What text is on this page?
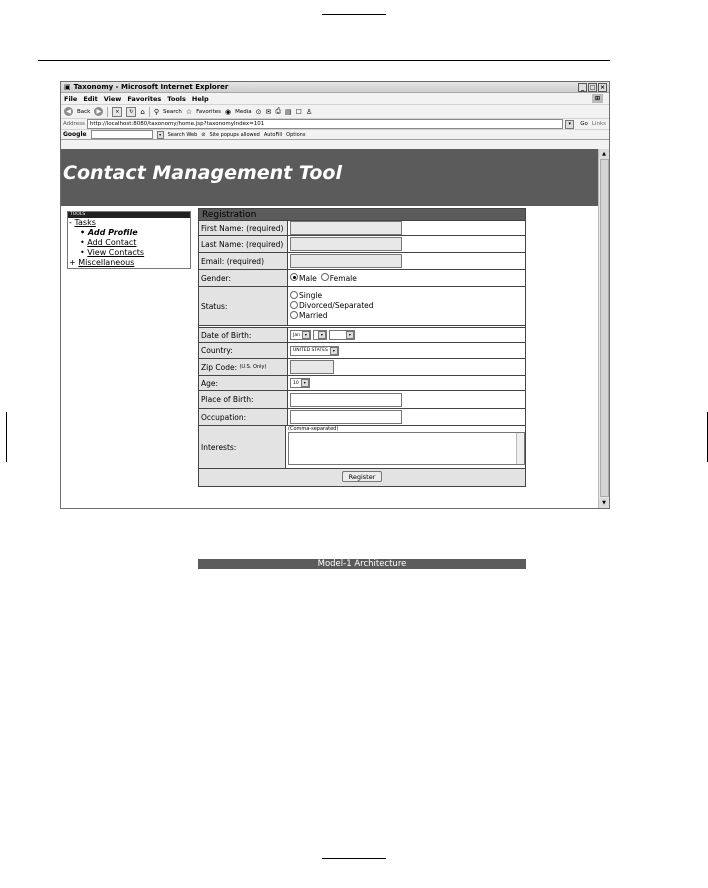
▣ Taxonomy - Microsoft Internet Explorer	_ □ ×
File Edit View Favorites Tools Help	⊞
◀	Back	▶	×	↻ ⌂ ⚲ Search ☆ Favorites ◉ Media ⊙ ✉ ⎙ ▤ ☐ ♙
Address http://localhost:8080/taxonomy/home.jsp?taxonomyIndex=101	▾	Go Links
Google	▾	Search Web ⊘ Site popups allowed AutoFill Options
Contact Management Tool
TOOLS
- Tasks
• Add Profile
• Add Contact
• View Contacts
+ Miscellaneous
Registration
First Name: (required)
Last Name: (required)
Email: (required)
Gender:	Male Female
Status:
Single
Divorced/Separated
Married
Date of Birth:	Jan	▾	▾	▾
Country:	UNITED STATES	▾
Zip Code:
(U.S. Only)
Age:	10	▾
Place of Birth:
Occupation:
Interests:
(Comma-separated)
Register
Model-1 Architecture
▲
▼
